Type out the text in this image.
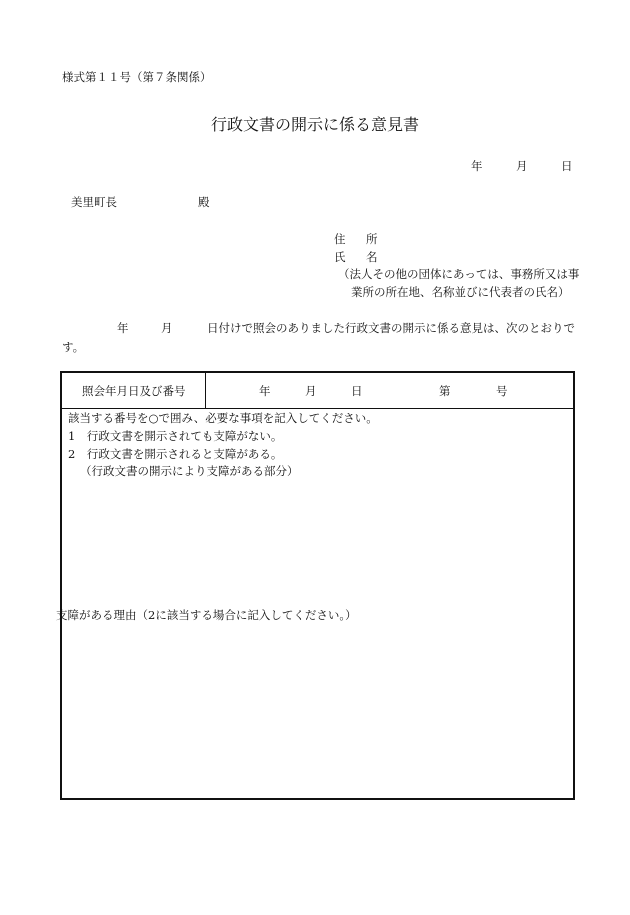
様式第１１号（第７条関係）
行政文書の開示に係る意見書
年	月	日
美里町長	殿
住 所
氏 名
（法人その他の団体にあっては、事務所又は事
業所の所在地、名称並びに代表者の氏名）
年	月	日付けで照会のありました行政文書の開示に係る意見は、次のとおりで
す。
照会年月日及び番号	年	月	日	第	号
該当する番号を○で囲み、必要な事項を記入してください。
1　行政文書を開示されても支障がない。
2　行政文書を開示されると支障がある。
（行政文書の開示により支障がある部分）
支障がある理由（2に該当する場合に記入してください。）
